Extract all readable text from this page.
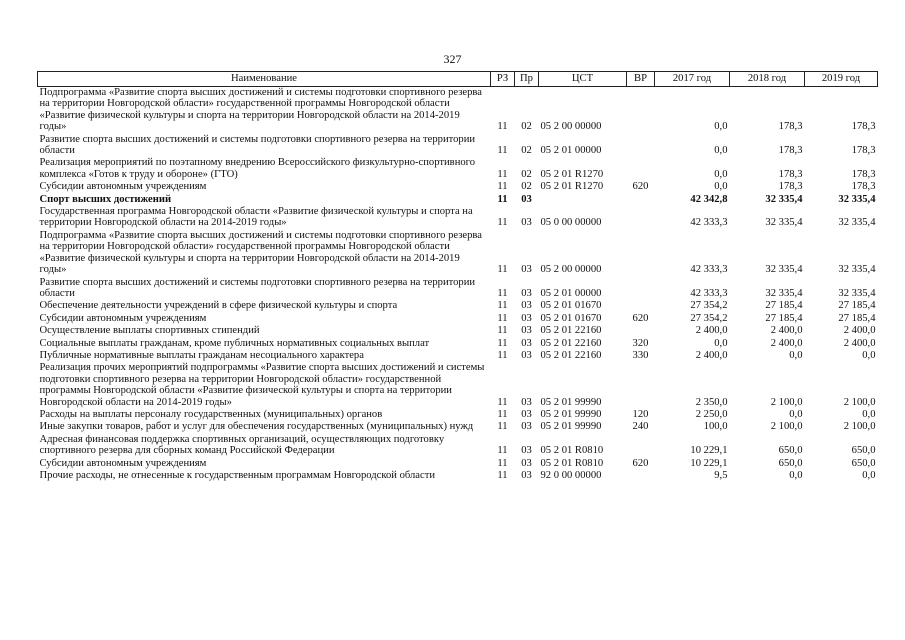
327
Наименование	РЗ	Пр	ЦСТ	ВР	2017 год	2018 год	2019 год
Подпрограмма «Развитие спорта высших достижений и системы подготовки спортивного резерва на территории Новгородской области» государственной программы Новгородской области «Развитие физической культуры и спорта на территории Новгородской области на 2014-2019 годы»	11	02	05 2 00 00000		0,0	178,3	178,3
Развитие спорта высших достижений и системы подготовки спортивного резерва на территории области	11	02	05 2 01 00000		0,0	178,3	178,3
Реализация мероприятий по поэтапному внедрению Всероссийского физкультурно-спортивного комплекса «Готов к труду и обороне» (ГТО)	11	02	05 2 01 R1270		0,0	178,3	178,3
Субсидии автономным учреждениям	11	02	05 2 01 R1270	620	0,0	178,3	178,3
Спорт высших достижений	11	03			42 342,8	32 335,4	32 335,4
Государственная программа Новгородской области «Развитие физической культуры и спорта на территории Новгородской области на 2014-2019 годы»	11	03	05 0 00 00000		42 333,3	32 335,4	32 335,4
Подпрограмма «Развитие спорта высших достижений и системы подготовки спортивного резерва на территории Новгородской области» государственной программы Новгородской области «Развитие физической культуры и спорта на территории Новгородской области на 2014-2019 годы»	11	03	05 2 00 00000		42 333,3	32 335,4	32 335,4
Развитие спорта высших достижений и системы подготовки спортивного резерва на территории области	11	03	05 2 01 00000		42 333,3	32 335,4	32 335,4
Обеспечение деятельности учреждений в сфере физической культуры и спорта	11	03	05 2 01 01670		27 354,2	27 185,4	27 185,4
Субсидии автономным учреждениям	11	03	05 2 01 01670	620	27 354,2	27 185,4	27 185,4
Осуществление выплаты спортивных стипендий	11	03	05 2 01 22160		2 400,0	2 400,0	2 400,0
Социальные выплаты гражданам, кроме публичных нормативных социальных выплат	11	03	05 2 01 22160	320	0,0	2 400,0	2 400,0
Публичные нормативные выплаты гражданам несоциального характера	11	03	05 2 01 22160	330	2 400,0	0,0	0,0
Реализация прочих мероприятий подпрограммы «Развитие спорта высших достижений и системы подготовки спортивного резерва на территории Новгородской области» государственной программы Новгородской области «Развитие физической культуры и спорта на территории Новгородской области на 2014-2019 годы»	11	03	05 2 01 99990		2 350,0	2 100,0	2 100,0
Расходы на выплаты персоналу государственных (муниципальных) органов	11	03	05 2 01 99990	120	2 250,0	0,0	0,0
Иные закупки товаров, работ и услуг для обеспечения государственных (муниципальных) нужд	11	03	05 2 01 99990	240	100,0	2 100,0	2 100,0
Адресная финансовая поддержка спортивных организаций, осуществляющих подготовку спортивного резерва для сборных команд Российской Федерации	11	03	05 2 01 R0810		10 229,1	650,0	650,0
Субсидии автономным учреждениям	11	03	05 2 01 R0810	620	10 229,1	650,0	650,0
Прочие расходы, не отнесенные к государственным программам Новгородской области	11	03	92 0 00 00000		9,5	0,0	0,0
